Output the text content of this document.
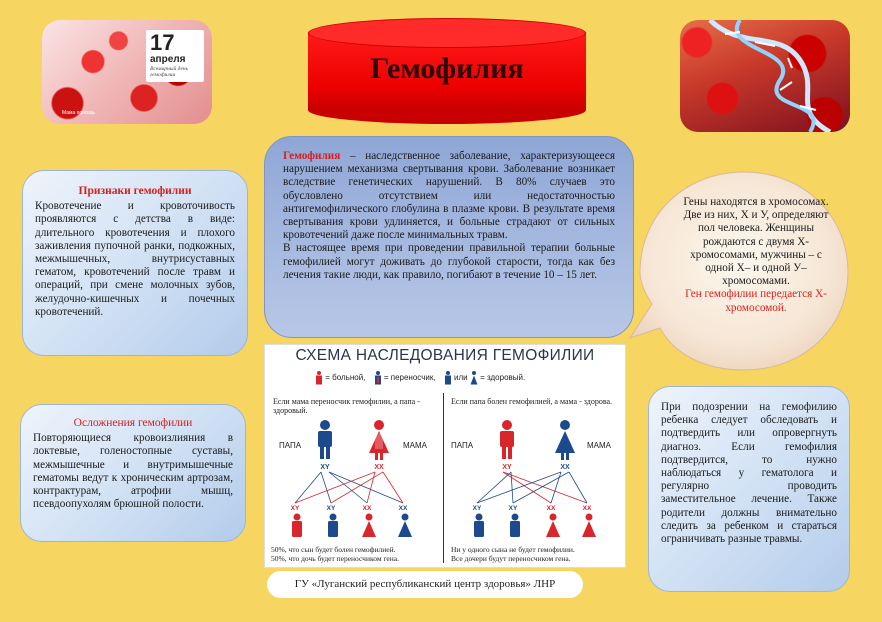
17
апреля
Всемирный день гемофилии
Мама помощь
Гемофилия
Гемофилия – наследственное заболевание, характеризующееся нарушением механизма свертывания крови. Заболевание возникает вследствие генетических нарушений. В 80% случаев это обусловлено отсутствием или недостаточностью антигемофилического глобулина в плазме крови. В результате время свертывания крови удлиняется, и больные страдают от сильных кровотечений даже после минимальных травм.
В настоящее время при проведении правильной терапии больные гемофилией могут доживать до глубокой старости, тогда как без лечения такие люди, как правило, погибают в течение 10 – 15 лет.
Признаки гемофилии
Кровотечение и кровоточивость проявляются с детства в виде: длительного кровотечения и плохого заживления пупочной ранки, подкожных, межмышечных, внутрисуставных гематом, кровотечений после травм и операций, при смене молочных зубов, желудочно-кишечных и почечных кровотечений.
Осложнения гемофилии
Повторяющиеся кровоизлияния в локтевые, голеностопные суставы, межмышечные и внутримышечные гематомы ведут к хроническим артрозам, контрактурам, атрофии мышц, псевдоопухолям брюшной полости.
Гены находятся в хромосомах. Две из них, Х и У, определяют пол человека. Женщины рождаются с двумя Х-хромосомами, мужчины – с одной Х– и одной У–хромосомами.
Ген гемофилии передается Х-хромосомой.
При подозрении на гемофилию ребенка следует обследовать и подтвердить или опровергнуть диагноз. Если гемофилия подтвердится, то нужно наблюдаться у гематолога и регулярно проводить заместительное лечение. Также родители должны внимательно следить за ребенком и стараться ограничивать разные травмы.
СХЕМА НАСЛЕДОВАНИЯ ГЕМОФИЛИИ
= больной, = переносчик, или = здоровый.
Если мама переносчик гемофилии, а папа - здоровый.
ПАПА	МАМА
XY	XX
XY	XY	XX	XX
50%, что сын будет болен гемофилией.
50%, что дочь будет переносчиком гена.
Если папа болен гемофилией, а мама - здорова.
ПАПА	МАМА
XY	XX
XY	XY	XX	XX
Ни у одного сына не будет гемофилии.
Все дочери будут переносчиком гена.
ГУ «Луганский республиканский центр здоровья» ЛНР
